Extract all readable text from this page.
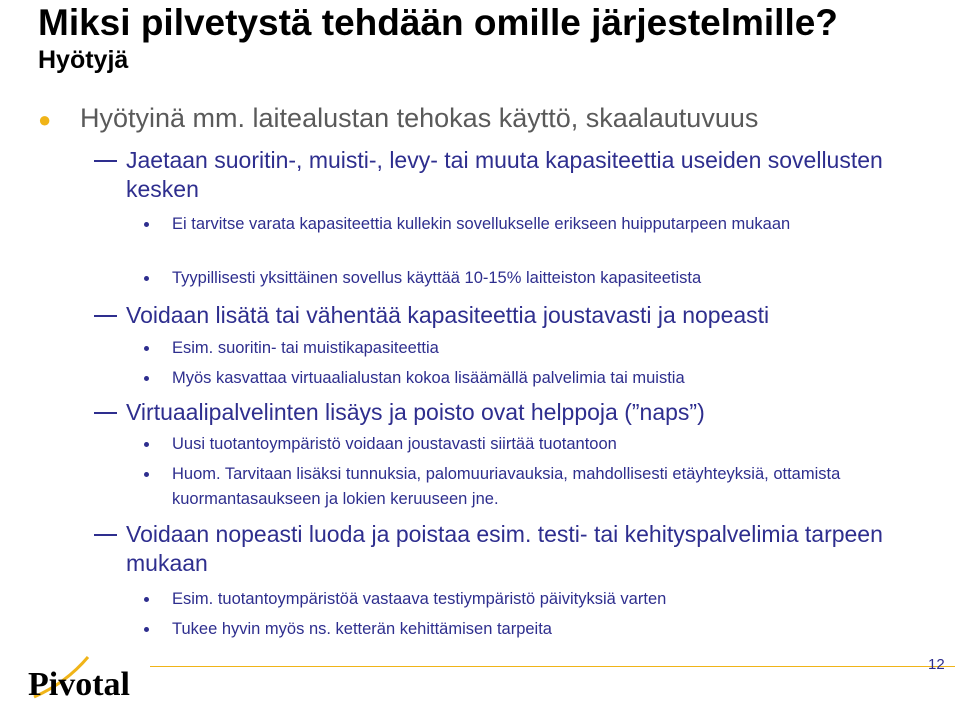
Miksi pilvetystä tehdään omille järjestelmille?
Hyötyjä
● Hyötyinä mm. laitealustan tehokas käyttö, skaalautuvuus
Jaetaan suoritin-, muisti-, levy- tai muuta kapasiteettia useiden sovellusten kesken
Ei tarvitse varata kapasiteettia kullekin sovellukselle erikseen huipputarpeen mukaan
Tyypillisesti yksittäinen sovellus käyttää 10-15% laitteiston kapasiteetista
Voidaan lisätä tai vähentää kapasiteettia joustavasti ja nopeasti
Esim. suoritin- tai muistikapasiteettia
Myös kasvattaa virtuaalialustan kokoa lisäämällä palvelimia tai muistia
Virtuaalipalvelinten lisäys ja poisto ovat helppoja (”naps”)
Uusi tuotantoympäristö voidaan joustavasti siirtää tuotantoon
Huom. Tarvitaan lisäksi tunnuksia, palomuuriavauksia, mahdollisesti etäyhteyksiä, ottamista kuormantasaukseen ja lokien keruuseen jne.
Voidaan nopeasti luoda ja poistaa esim. testi- tai kehityspalvelimia tarpeen mukaan
Esim. tuotantoympäristöä vastaava testiympäristö päivityksiä varten
Tukee hyvin myös ns. ketterän kehittämisen tarpeita
Pivotal
12
